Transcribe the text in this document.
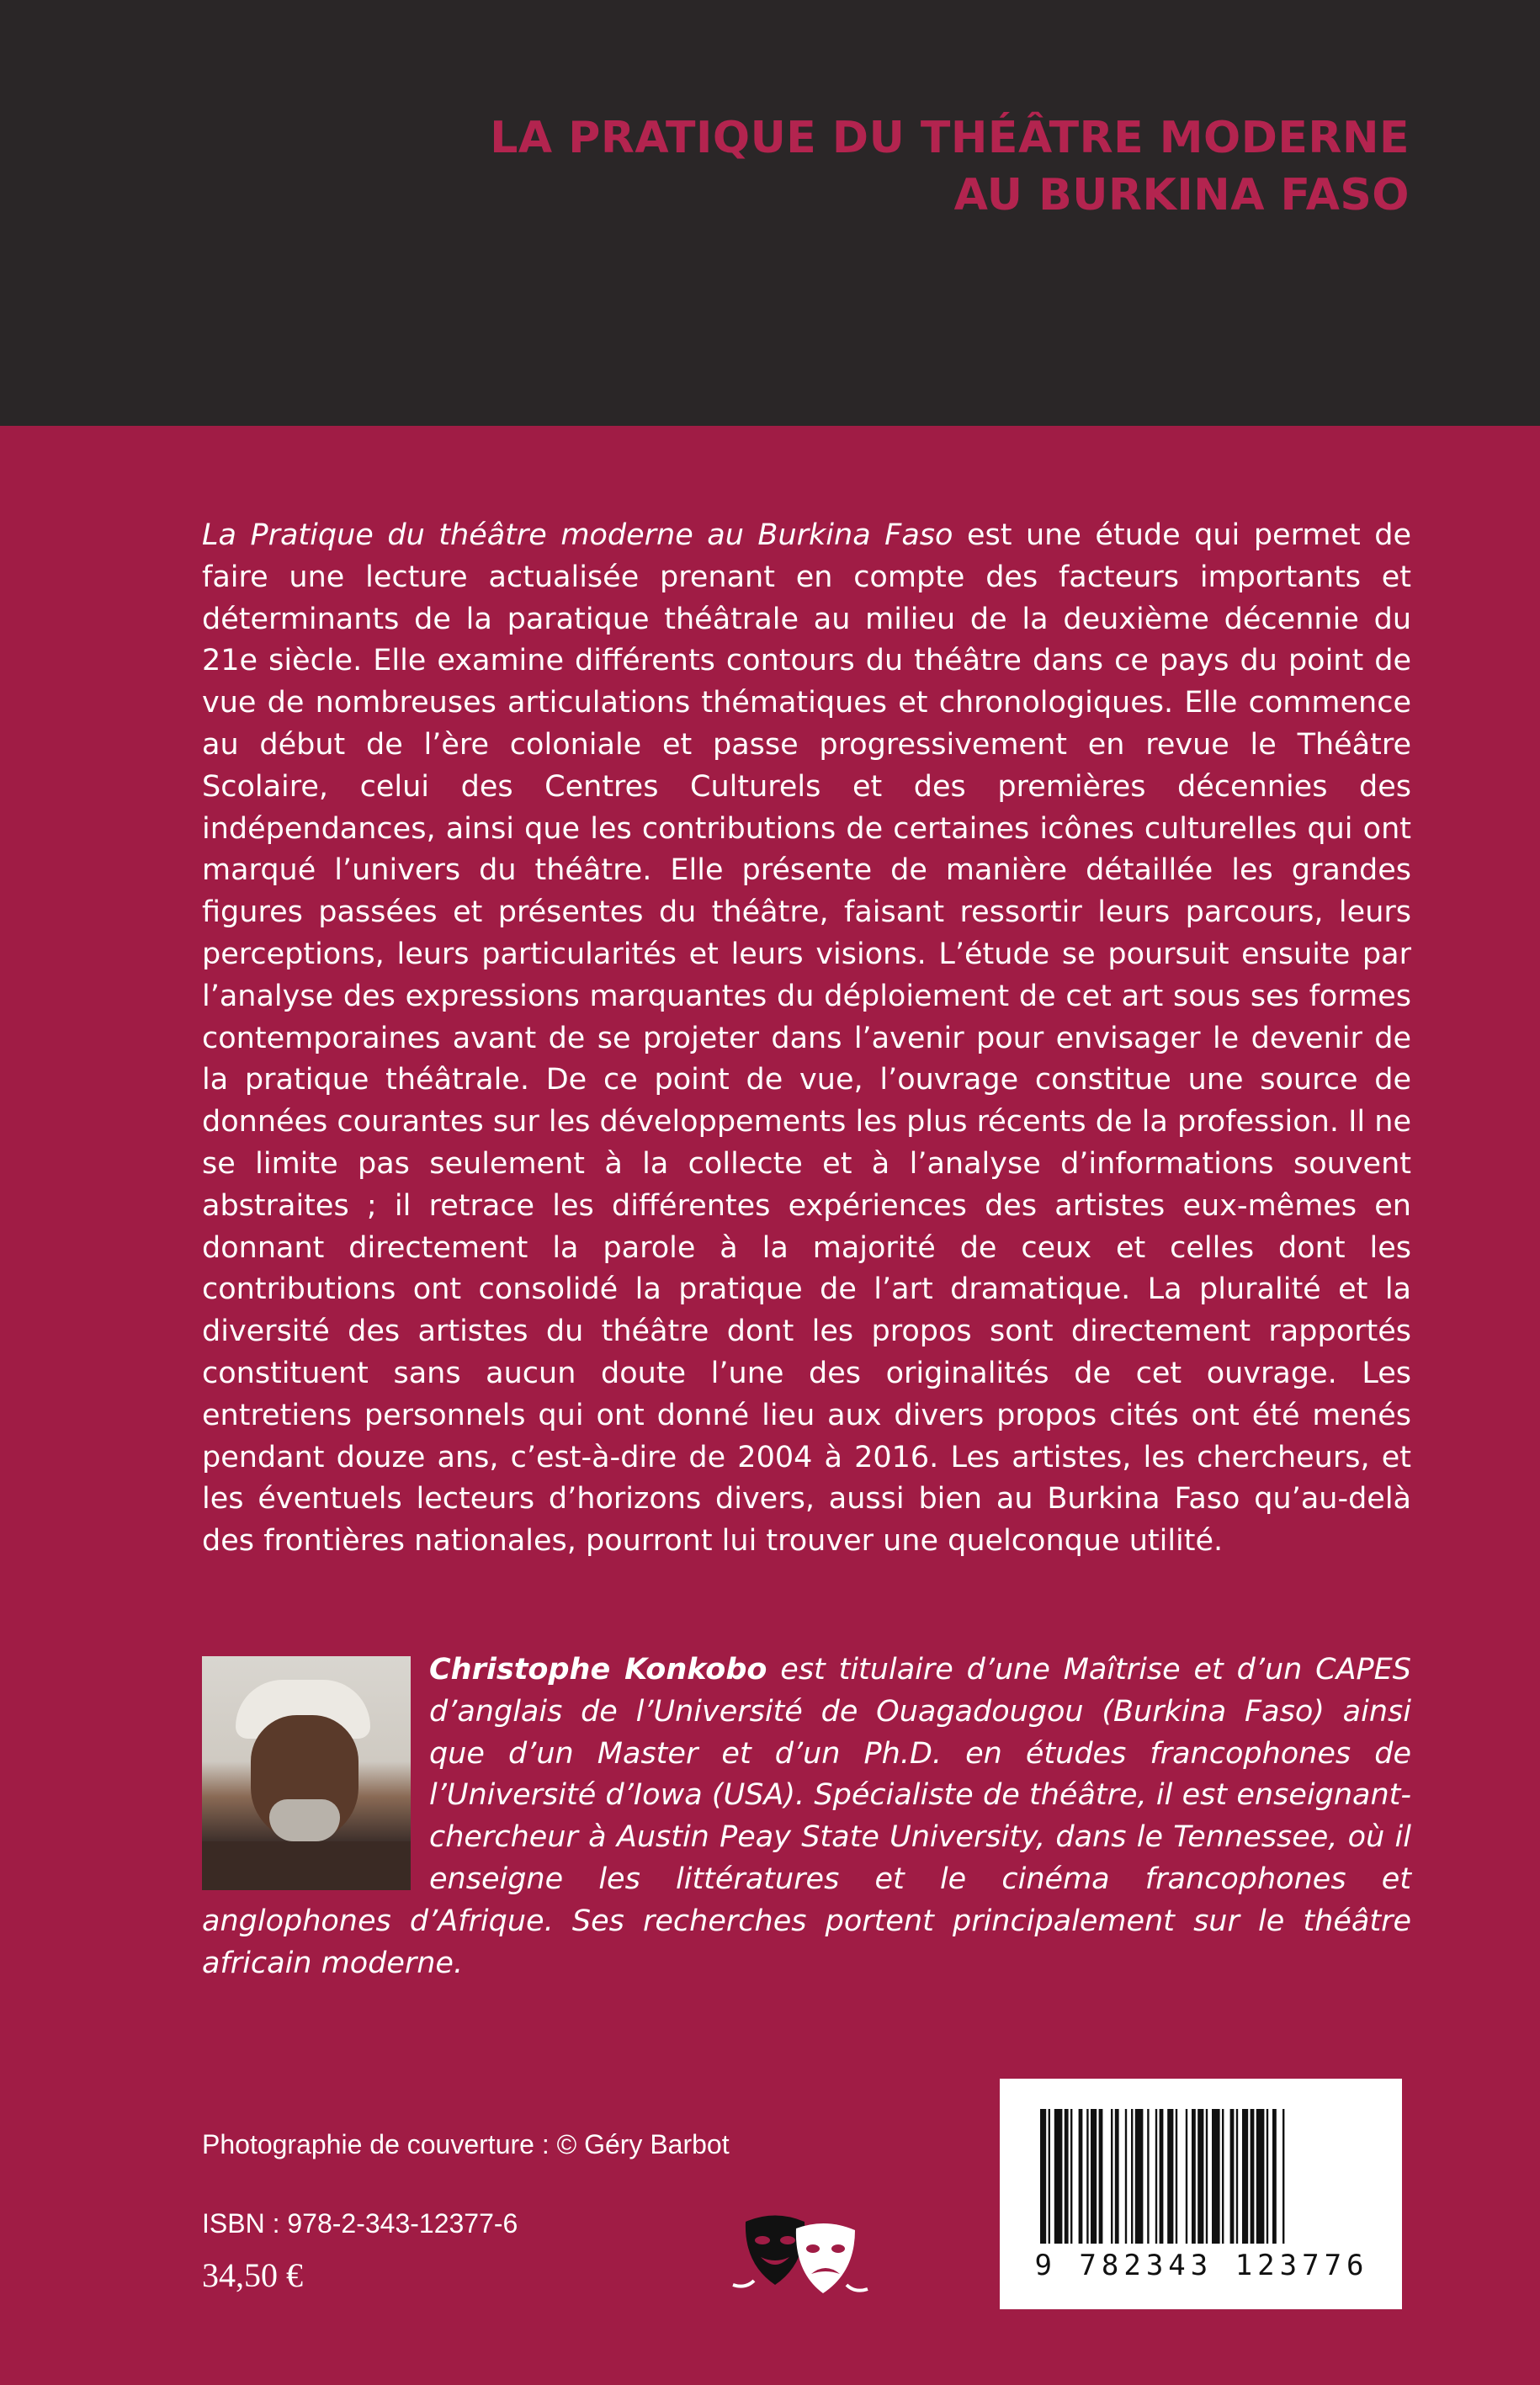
LA PRATIQUE DU THÉÂTRE MODERNE
AU BURKINA FASO

La Pratique du théâtre moderne au Burkina Faso est une étude qui permet de faire une lecture actualisée prenant en compte des facteurs importants et déterminants de la paratique théâtrale au milieu de la deuxième décennie du 21e siècle. Elle examine différents contours du théâtre dans ce pays du point de vue de nombreuses articulations thématiques et chronologiques. Elle commence au début de l’ère coloniale et passe progressivement en revue le Théâtre Scolaire, celui des Centres Culturels et des premières décennies des indépendances, ainsi que les contributions de certaines icônes culturelles qui ont marqué l’univers du théâtre. Elle présente de manière détaillée les grandes figures passées et présentes du théâtre, faisant ressortir leurs parcours, leurs perceptions, leurs particularités et leurs visions. L’étude se poursuit ensuite par l’analyse des expressions marquantes du déploiement de cet art sous ses formes contemporaines avant de se projeter dans l’avenir pour envisager le devenir de la pratique théâtrale. De ce point de vue, l’ouvrage constitue une source de données courantes sur les développements les plus récents de la profession. Il ne se limite pas seulement à la collecte et à l’analyse d’informations souvent abstraites ; il retrace les différentes expériences des artistes eux-mêmes en donnant directement la parole à la majorité de ceux et celles dont les contributions ont consolidé la pratique de l’art dramatique. La pluralité et la diversité des artistes du théâtre dont les propos sont directement rapportés constituent sans aucun doute l’une des originalités de cet ouvrage. Les entretiens personnels qui ont donné lieu aux divers propos cités ont été menés pendant douze ans, c’est-à-dire de 2004 à 2016. Les artistes, les chercheurs, et les éventuels lecteurs d’horizons divers, aussi bien au Burkina Faso qu’au-delà des frontières nationales, pourront lui trouver une quelconque utilité.

Christophe Konkobo est titulaire d’une Maîtrise et d’un CAPES d’anglais de l’Université de Ouagadougou (Burkina Faso) ainsi que d’un Master et d’un Ph.D. en études francophones de l’Université d’Iowa (USA). Spécialiste de théâtre, il est enseignant-chercheur à Austin Peay State University, dans le Tennessee, où il enseigne les littératures et le cinéma francophones et anglophones d’Afrique. Ses recherches portent principalement sur le théâtre africain moderne.

Photographie de couverture : © Géry Barbot
ISBN : 978-2-343-12377-6
34,50 €	9 782343 123776
